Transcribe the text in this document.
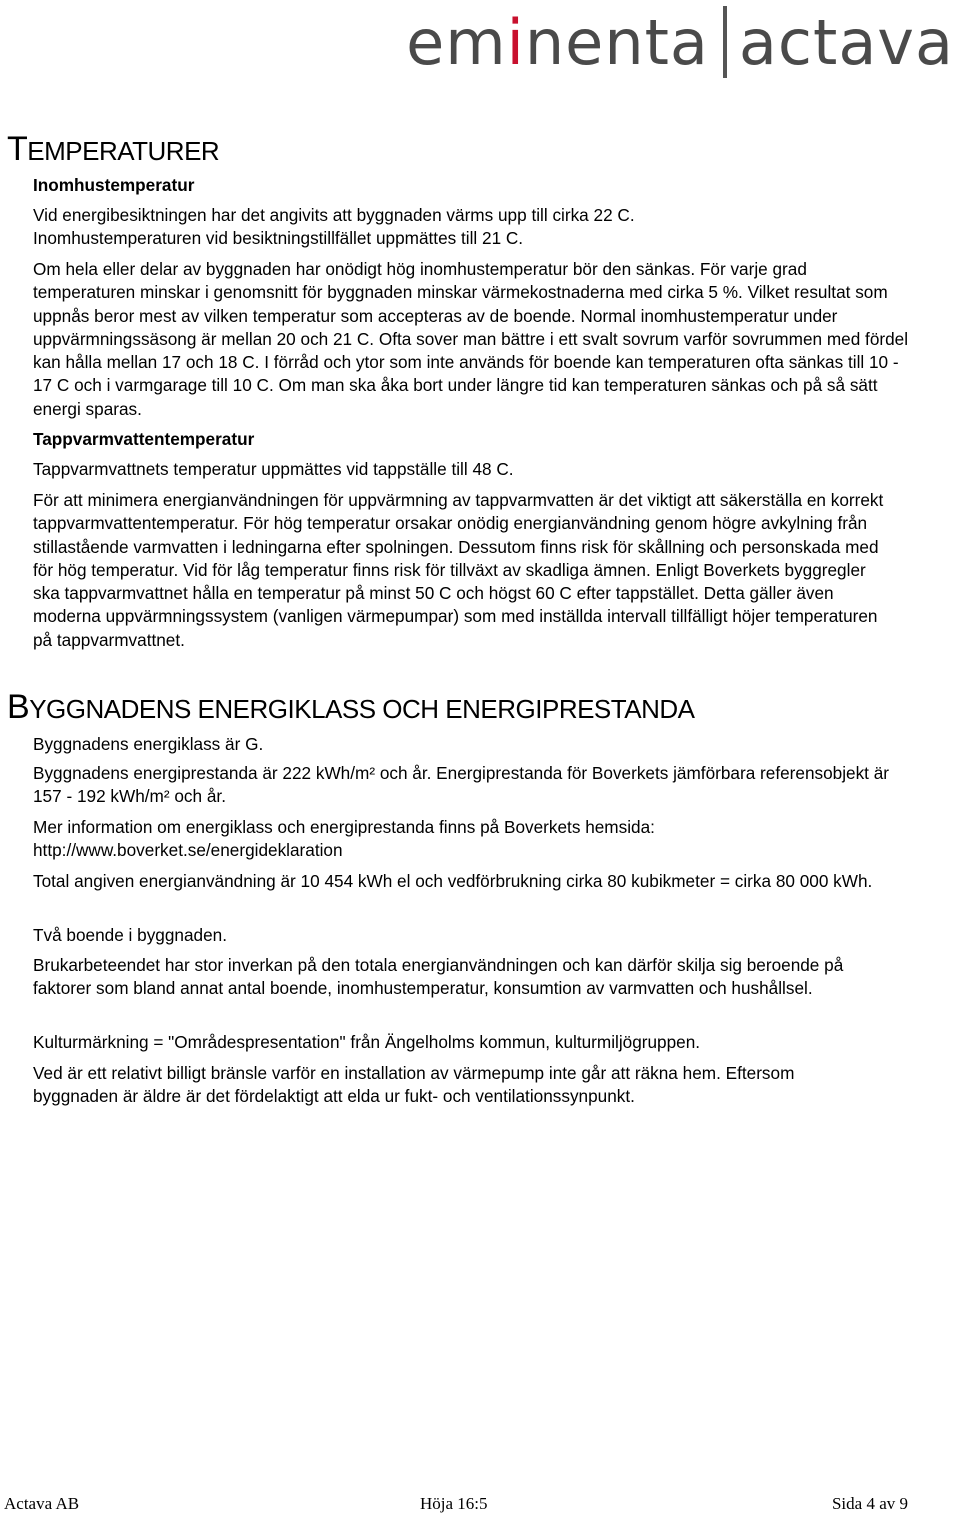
eminenta actava
TEMPERATURER

Inomhustemperatur

Vid energibesiktningen har det angivits att byggnaden värms upp till cirka 22 C. Inomhustemperaturen vid besiktningstillfället uppmättes till 21 C.

Om hela eller delar av byggnaden har onödigt hög inomhustemperatur bör den sänkas. För varje grad temperaturen minskar i genomsnitt för byggnaden minskar värmekostnaderna med cirka 5 %. Vilket resultat som uppnås beror mest av vilken temperatur som accepteras av de boende. Normal inomhustemperatur under uppvärmningssäsong är mellan 20 och 21 C. Ofta sover man bättre i ett svalt sovrum varför sovrummen med fördel kan hålla mellan 17 och 18 C. I förråd och ytor som inte används för boende kan temperaturen ofta sänkas till 10 - 17 C och i varmgarage till 10 C. Om man ska åka bort under längre tid kan temperaturen sänkas och på så sätt energi sparas.

Tappvarmvattentemperatur

Tappvarmvattnets temperatur uppmättes vid tappställe till 48 C.

För att minimera energianvändningen för uppvärmning av tappvarmvatten är det viktigt att säkerställa en korrekt tappvarmvattentemperatur. För hög temperatur orsakar onödig energianvändning genom högre avkylning från stillastående varmvatten i ledningarna efter spolningen. Dessutom finns risk för skållning och personskada med för hög temperatur. Vid för låg temperatur finns risk för tillväxt av skadliga ämnen. Enligt Boverkets byggregler ska tappvarmvattnet hålla en temperatur på minst 50 C och högst 60 C efter tappstället. Detta gäller även moderna uppvärmningssystem (vanligen värmepumpar) som med inställda intervall tillfälligt höjer temperaturen på tappvarmvattnet.

BYGGNADENS ENERGIKLASS OCH ENERGIPRESTANDA

Byggnadens energiklass är G.

Byggnadens energiprestanda är 222 kWh/m² och år. Energiprestanda för Boverkets jämförbara referensobjekt är 157 - 192 kWh/m² och år.

Mer information om energiklass och energiprestanda finns på Boverkets hemsida:

http://www.boverket.se/energideklaration

Total angiven energianvändning är 10 454 kWh el och vedförbrukning cirka 80 kubikmeter = cirka 80 000 kWh.

Två boende i byggnaden.

Brukarbeteendet har stor inverkan på den totala energianvändningen och kan därför skilja sig beroende på faktorer som bland annat antal boende, inomhustemperatur, konsumtion av varmvatten och hushållsel.

Kulturmärkning = "Områdespresentation" från Ängelholms kommun, kulturmiljögruppen.

Ved är ett relativt billigt bränsle varför en installation av värmepump inte går att räkna hem. Eftersom byggnaden är äldre är det fördelaktigt att elda ur fukt- och ventilationssynpunkt.

Actava AB	Höja 16:5	Sida 4 av 9
